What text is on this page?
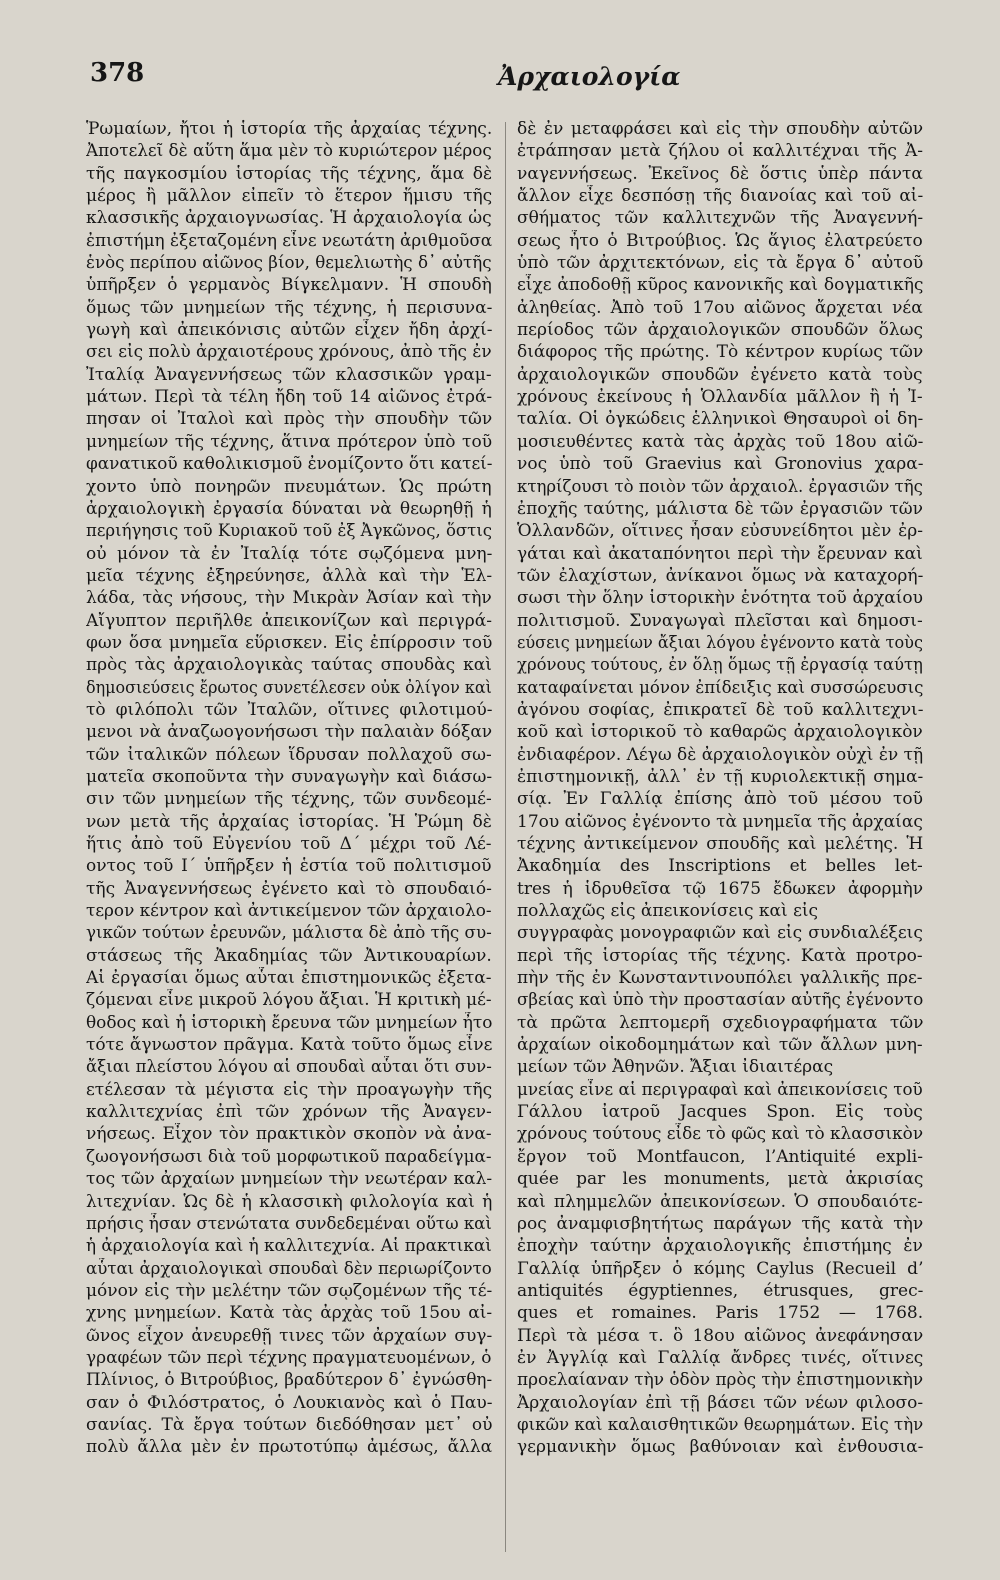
378	Ἀρχαιολογία
Ῥωμαίων, ἤτοι ἡ ἱστορία τῆς ἀρχαίας τέχνης.
Ἀποτελεῖ δὲ αὕτη ἅμα μὲν τὸ κυριώτερον μέρος
τῆς παγκοσμίου ἱστορίας τῆς τέχνης, ἅμα δὲ
μέρος ἢ μᾶλλον εἰπεῖν τὸ ἕτερον ἥμισυ τῆς
κλασσικῆς ἀρχαιογνωσίας. Ἡ ἀρχαιολογία ὡς
ἐπιστήμη ἐξεταζομένη εἶνε νεωτάτη ἀριθμοῦσα
ἑνὸς περίπου αἰῶνος βίον, θεμελιωτὴς δ᾽ αὐτῆς
ὑπῆρξεν ὁ γερμανὸς Βίγκελμανν. Ἡ σπουδὴ
ὅμως τῶν μνημείων τῆς τέχνης, ἡ περισυνα-
γωγὴ καὶ ἀπεικόνισις αὐτῶν εἶχεν ἤδη ἀρχί-
σει εἰς πολὺ ἀρχαιοτέρους χρόνους, ἀπὸ τῆς ἐν
Ἰταλίᾳ Ἀναγεννήσεως τῶν κλασσικῶν γραμ-
μάτων. Περὶ τὰ τέλη ἤδη τοῦ 14 αἰῶνος ἐτρά-
πησαν οἱ Ἰταλοὶ καὶ πρὸς τὴν σπουδὴν τῶν
μνημείων τῆς τέχνης, ἅτινα πρότερον ὑπὸ τοῦ
φανατικοῦ καθολικισμοῦ ἐνομίζοντο ὅτι κατεί-
χοντο ὑπὸ πονηρῶν πνευμάτων. Ὡς πρώτη
ἀρχαιολογικὴ ἐργασία δύναται νὰ θεωρηθῇ ἡ
περιήγησις τοῦ Κυριακοῦ τοῦ ἐξ Ἀγκῶνος, ὅστις
οὐ μόνον τὰ ἐν Ἰταλίᾳ τότε σῳζόμενα μνη-
μεῖα τέχνης ἐξηρεύνησε, ἀλλὰ καὶ τὴν Ἑλ-
λάδα, τὰς νήσους, τὴν Μικρὰν Ἀσίαν καὶ τὴν
Αἴγυπτον περιῆλθε ἀπεικονίζων καὶ περιγρά-
φων ὅσα μνημεῖα εὕρισκεν. Εἰς ἐπίρροσιν τοῦ
πρὸς τὰς ἀρχαιολογικὰς ταύτας σπουδὰς καὶ
δημοσιεύσεις ἔρωτος συνετέλεσεν οὐκ ὀλίγον καὶ
τὸ φιλόπολι τῶν Ἰταλῶν, οἵτινες φιλοτιμού-
μενοι νὰ ἀναζωογονήσωσι τὴν παλαιὰν δόξαν
τῶν ἰταλικῶν πόλεων ἵδρυσαν πολλαχοῦ σω-
ματεῖα σκοποῦντα τὴν συναγωγὴν καὶ διάσω-
σιν τῶν μνημείων τῆς τέχνης, τῶν συνδεομέ-
νων μετὰ τῆς ἀρχαίας ἱστορίας. Ἡ Ῥώμη δὲ
ἥτις ἀπὸ τοῦ Εὐγενίου τοῦ Δ´ μέχρι τοῦ Λέ-
οντος τοῦ Ι´ ὑπῆρξεν ἡ ἑστία τοῦ πολιτισμοῦ
τῆς Ἀναγεννήσεως ἐγένετο καὶ τὸ σπουδαιό-
τερον κέντρον καὶ ἀντικείμενον τῶν ἀρχαιολο-
γικῶν τούτων ἐρευνῶν, μάλιστα δὲ ἀπὸ τῆς συ-
στάσεως τῆς Ἀκαδημίας τῶν Ἀντικουαρίων.
Αἱ ἐργασίαι ὅμως αὗται ἐπιστημονικῶς ἐξετα-
ζόμεναι εἶνε μικροῦ λόγου ἄξιαι. Ἡ κριτικὴ μέ-
θοδος καὶ ἡ ἱστορικὴ ἔρευνα τῶν μνημείων ἦτο
τότε ἄγνωστον πρᾶγμα. Κατὰ τοῦτο ὅμως εἶνε
ἄξιαι πλείστου λόγου αἱ σπουδαὶ αὗται ὅτι συν-
ετέλεσαν τὰ μέγιστα εἰς τὴν προαγωγὴν τῆς
καλλιτεχνίας ἐπὶ τῶν χρόνων τῆς Ἀναγεν-
νήσεως. Εἶχον τὸν πρακτικὸν σκοπὸν νὰ ἀνα-
ζωογονήσωσι διὰ τοῦ μορφωτικοῦ παραδείγμα-
τος τῶν ἀρχαίων μνημείων τὴν νεωτέραν καλ-
λιτεχνίαν. Ὡς δὲ ἡ κλασσικὴ φιλολογία καὶ ἡ
πρήσις ἦσαν στενώτατα συνδεδεμέναι οὕτω καὶ
ἡ ἀρχαιολογία καὶ ἡ καλλιτεχνία. Αἱ πρακτικαὶ
αὗται ἀρχαιολογικαὶ σπουδαὶ δὲν περιωρίζοντο
μόνον εἰς τὴν μελέτην τῶν σῳζομένων τῆς τέ-
χνης μνημείων. Κατὰ τὰς ἀρχὰς τοῦ 15ου αἰ-
ῶνος εἶχον ἀνευρεθῇ τινες τῶν ἀρχαίων συγ-
γραφέων τῶν περὶ τέχνης πραγματευομένων, ὁ
Πλίνιος, ὁ Βιτρούβιος, βραδύτερον δ᾽ ἐγνώσθη-
σαν ὁ Φιλόστρατος, ὁ Λουκιανὸς καὶ ὁ Παυ-
σανίας. Τὰ ἔργα τούτων διεδόθησαν μετ᾽ οὐ
πολὺ ἄλλα μὲν ἐν πρωτοτύπῳ ἀμέσως, ἄλλα
δὲ ἐν μεταφράσει καὶ εἰς τὴν σπουδὴν αὐτῶν
ἐτράπησαν μετὰ ζήλου οἱ καλλιτέχναι τῆς Ἀ-
ναγεννήσεως. Ἐκεῖνος δὲ ὅστις ὑπὲρ πάντα
ἄλλον εἶχε δεσπόσῃ τῆς διανοίας καὶ τοῦ αἰ-
σθήματος τῶν καλλιτεχνῶν τῆς Ἀναγεννή-
σεως ἦτο ὁ Βιτρούβιος. Ὡς ἅγιος ἐλατρεύετο
ὑπὸ τῶν ἀρχιτεκτόνων, εἰς τὰ ἔργα δ᾽ αὐτοῦ
εἶχε ἀποδοθῇ κῦρος κανονικῆς καὶ δογματικῆς
ἀληθείας. Ἀπὸ τοῦ 17ου αἰῶνος ἄρχεται νέα
περίοδος τῶν ἀρχαιολογικῶν σπουδῶν ὅλως
διάφορος τῆς πρώτης. Τὸ κέντρον κυρίως τῶν
ἀρχαιολογικῶν σπουδῶν ἐγένετο κατὰ τοὺς
χρόνους ἐκείνους ἡ Ὁλλανδία μᾶλλον ἢ ἡ Ἰ-
ταλία. Οἱ ὀγκώδεις ἑλληνικοὶ Θησαυροὶ οἱ δη-
μοσιευθέντες κατὰ τὰς ἀρχὰς τοῦ 18ου αἰῶ-
νος ὑπὸ τοῦ Graevius καὶ Gronovius χαρα-
κτηρίζουσι τὸ ποιὸν τῶν ἀρχαιολ. ἐργασιῶν τῆς
ἐποχῆς ταύτης, μάλιστα δὲ τῶν ἐργασιῶν τῶν
Ὁλλανδῶν, οἵτινες ἦσαν εὐσυνείδητοι μὲν ἐρ-
γάται καὶ ἀκαταπόνητοι περὶ τὴν ἔρευναν καὶ
τῶν ἐλαχίστων, ἀνίκανοι ὅμως νὰ καταχορή-
σωσι τὴν ὅλην ἱστορικὴν ἑνότητα τοῦ ἀρχαίου
πολιτισμοῦ. Συναγωγαὶ πλεῖσται καὶ δημοσι-
εύσεις μνημείων ἄξιαι λόγου ἐγένοντο κατὰ τοὺς
χρόνους τούτους, ἐν ὅλῃ ὅμως τῇ ἐργασίᾳ ταύτῃ
καταφαίνεται μόνον ἐπίδειξις καὶ συσσώρευσις
ἀγόνου σοφίας, ἐπικρατεῖ δὲ τοῦ καλλιτεχνι-
κοῦ καὶ ἱστορικοῦ τὸ καθαρῶς ἀρχαιολογικὸν
ἐνδιαφέρον. Λέγω δὲ ἀρχαιολογικὸν οὐχὶ ἐν τῇ
ἐπιστημονικῇ, ἀλλ᾽ ἐν τῇ κυριολεκτικῇ σημα-
σίᾳ. Ἐν Γαλλίᾳ ἐπίσης ἀπὸ τοῦ μέσου τοῦ
17ου αἰῶνος ἐγένοντο τὰ μνημεῖα τῆς ἀρχαίας
τέχνης ἀντικείμενον σπουδῆς καὶ μελέτης. Ἡ
Ἀκαδημία des Inscriptions et belles let-
tres ἡ ἱδρυθεῖσα τῷ 1675 ἔδωκεν ἀφορμὴν
πολλαχῶς εἰς ἀπεικονίσεις καὶ εἰς
συγγραφὰς μονογραφιῶν καὶ εἰς συνδιαλέξεις
περὶ τῆς ἱστορίας τῆς τέχνης. Κατὰ προτρο-
πὴν τῆς ἐν Κωνσταντινουπόλει γαλλικῆς πρε-
σβείας καὶ ὑπὸ τὴν προστασίαν αὐτῆς ἐγένοντο
τὰ πρῶτα λεπτομερῆ σχεδιογραφήματα τῶν
ἀρχαίων οἰκοδομημάτων καὶ τῶν ἄλλων μνη-
μείων τῶν Ἀθηνῶν. Ἄξιαι ἰδιαιτέρας
μνείας εἶνε αἱ περιγραφαὶ καὶ ἀπεικονίσεις τοῦ
Γάλλου ἰατροῦ Jacques Spon. Εἰς τοὺς
χρόνους τούτους εἶδε τὸ φῶς καὶ τὸ κλασσικὸν
ἔργον τοῦ Montfaucon, l’Antiquité expli-
quée par les monuments, μετὰ ἀκρισίας
καὶ πλημμελῶν ἀπεικονίσεων. Ὁ σπουδαιότε-
ρος ἀναμφισβητήτως παράγων τῆς κατὰ τὴν
ἐποχὴν ταύτην ἀρχαιολογικῆς ἐπιστήμης ἐν
Γαλλίᾳ ὑπῆρξεν ὁ κόμης Caylus (Recueil d’
antiquités égyptiennes, étrusques, grec-
ques et romaines. Paris 1752 — 1768.
Περὶ τὰ μέσα τ. ὃ 18ου αἰῶνος ἀνεφάνησαν
ἐν Ἀγγλίᾳ καὶ Γαλλίᾳ ἄνδρες τινές, οἵτινες
προελαίαναν τὴν ὁδὸν πρὸς τὴν ἐπιστημονικὴν
Ἀρχαιολογίαν ἐπὶ τῇ βάσει τῶν νέων φιλοσο-
φικῶν καὶ καλαισθητικῶν θεωρημάτων. Εἰς τὴν
γερμανικὴν ὅμως βαθύνοιαν καὶ ἐνθουσια-
